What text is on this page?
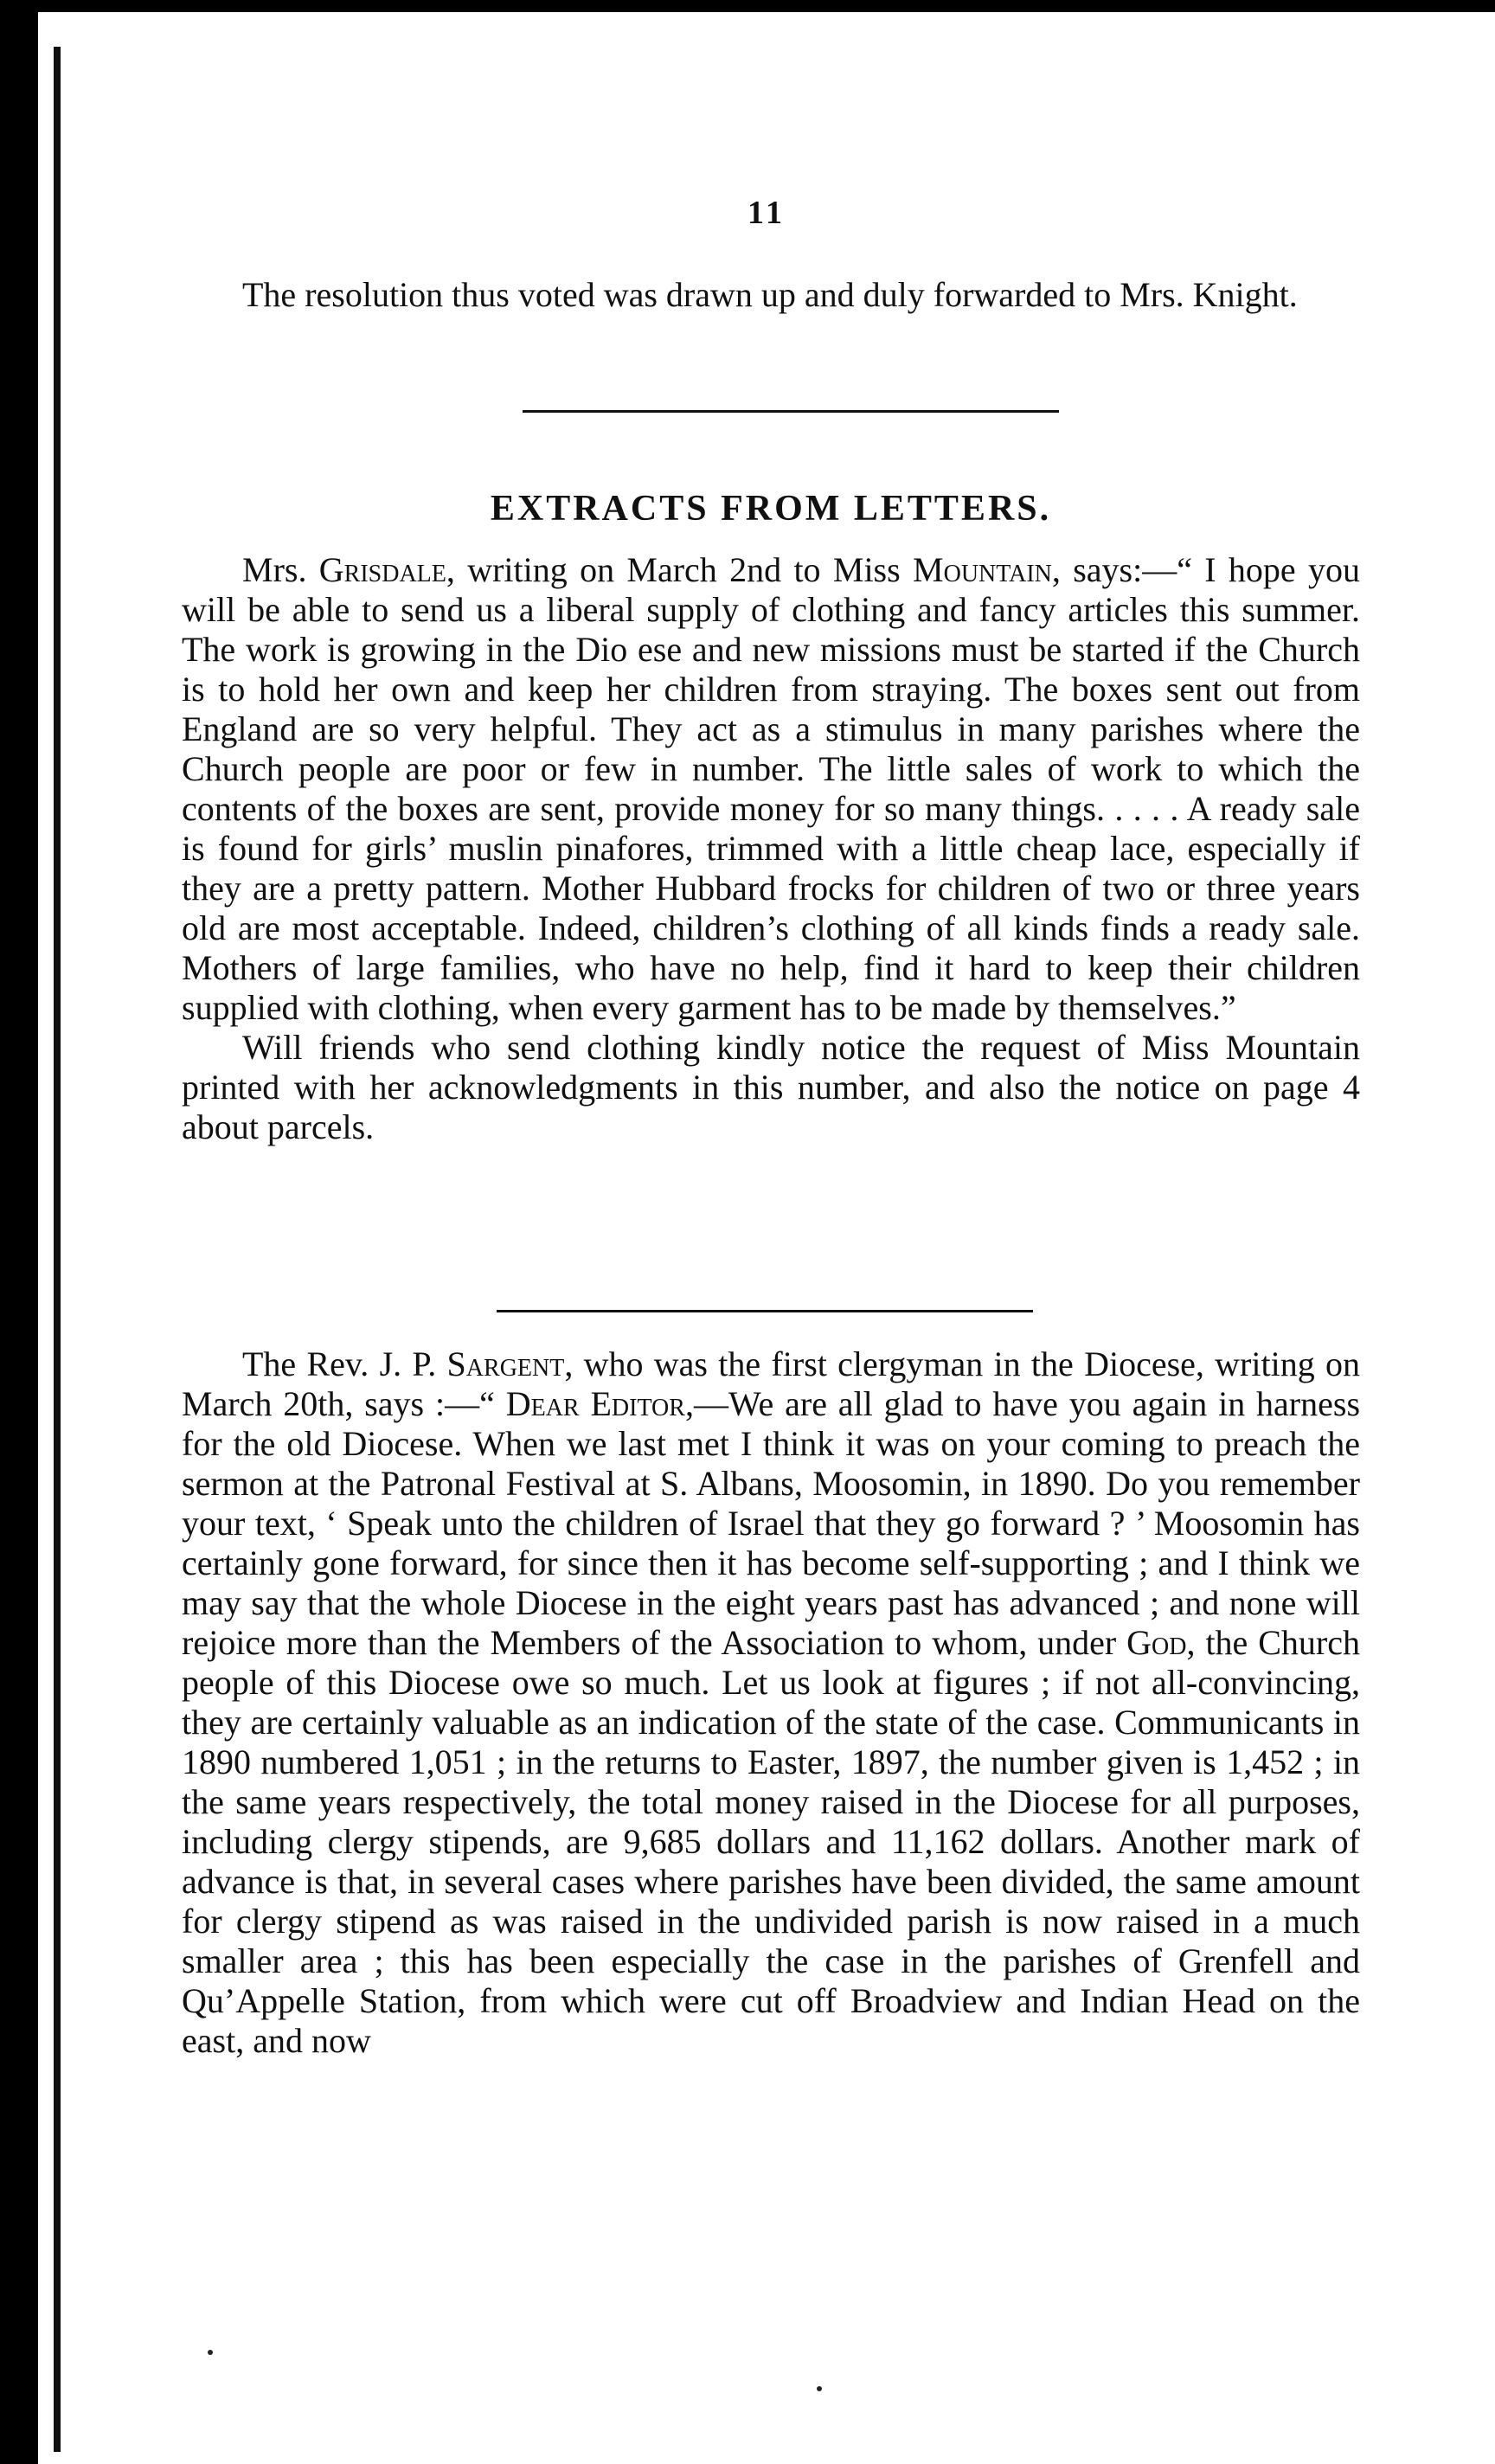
11

The resolution thus voted was drawn up and duly forwarded to Mrs. Knight.

EXTRACTS FROM LETTERS.

Mrs. Grisdale, writing on March 2nd to Miss Mountain, says:—“ I hope you will be able to send us a liberal supply of clothing and fancy articles this summer. The work is growing in the Dio ese and new missions must be started if the Church is to hold her own and keep her children from straying. The boxes sent out from England are so very helpful. They act as a stimulus in many parishes where the Church people are poor or few in number. The little sales of work to which the contents of the boxes are sent, provide money for so many things. . . . . A ready sale is found for girls’ muslin pinafores, trimmed with a little cheap lace, especially if they are a pretty pattern. Mother Hubbard frocks for children of two or three years old are most acceptable. Indeed, children’s clothing of all kinds finds a ready sale. Mothers of large families, who have no help, find it hard to keep their children supplied with clothing, when every garment has to be made by themselves.”

Will friends who send clothing kindly notice the request of Miss Mountain printed with her acknowledgments in this number, and also the notice on page 4 about parcels.

The Rev. J. P. Sargent, who was the first clergyman in the Diocese, writing on March 20th, says :—“ Dear Editor,—We are all glad to have you again in harness for the old Diocese. When we last met I think it was on your coming to preach the sermon at the Patronal Festival at S. Albans, Moosomin, in 1890. Do you remember your text, ‘ Speak unto the children of Israel that they go forward ? ’ Moosomin has certainly gone forward, for since then it has become self-supporting ; and I think we may say that the whole Diocese in the eight years past has advanced ; and none will rejoice more than the Members of the Association to whom, under God, the Church people of this Diocese owe so much. Let us look at figures ; if not all-convincing, they are certainly valuable as an indication of the state of the case. Communicants in 1890 numbered 1,051 ; in the returns to Easter, 1897, the number given is 1,452 ; in the same years respectively, the total money raised in the Diocese for all purposes, including clergy stipends, are 9,685 dollars and 11,162 dollars. Another mark of advance is that, in several cases where parishes have been divided, the same amount for clergy stipend as was raised in the undivided parish is now raised in a much smaller area ; this has been especially the case in the parishes of Grenfell and Qu’Appelle Station, from which were cut off Broadview and Indian Head on the east, and now
